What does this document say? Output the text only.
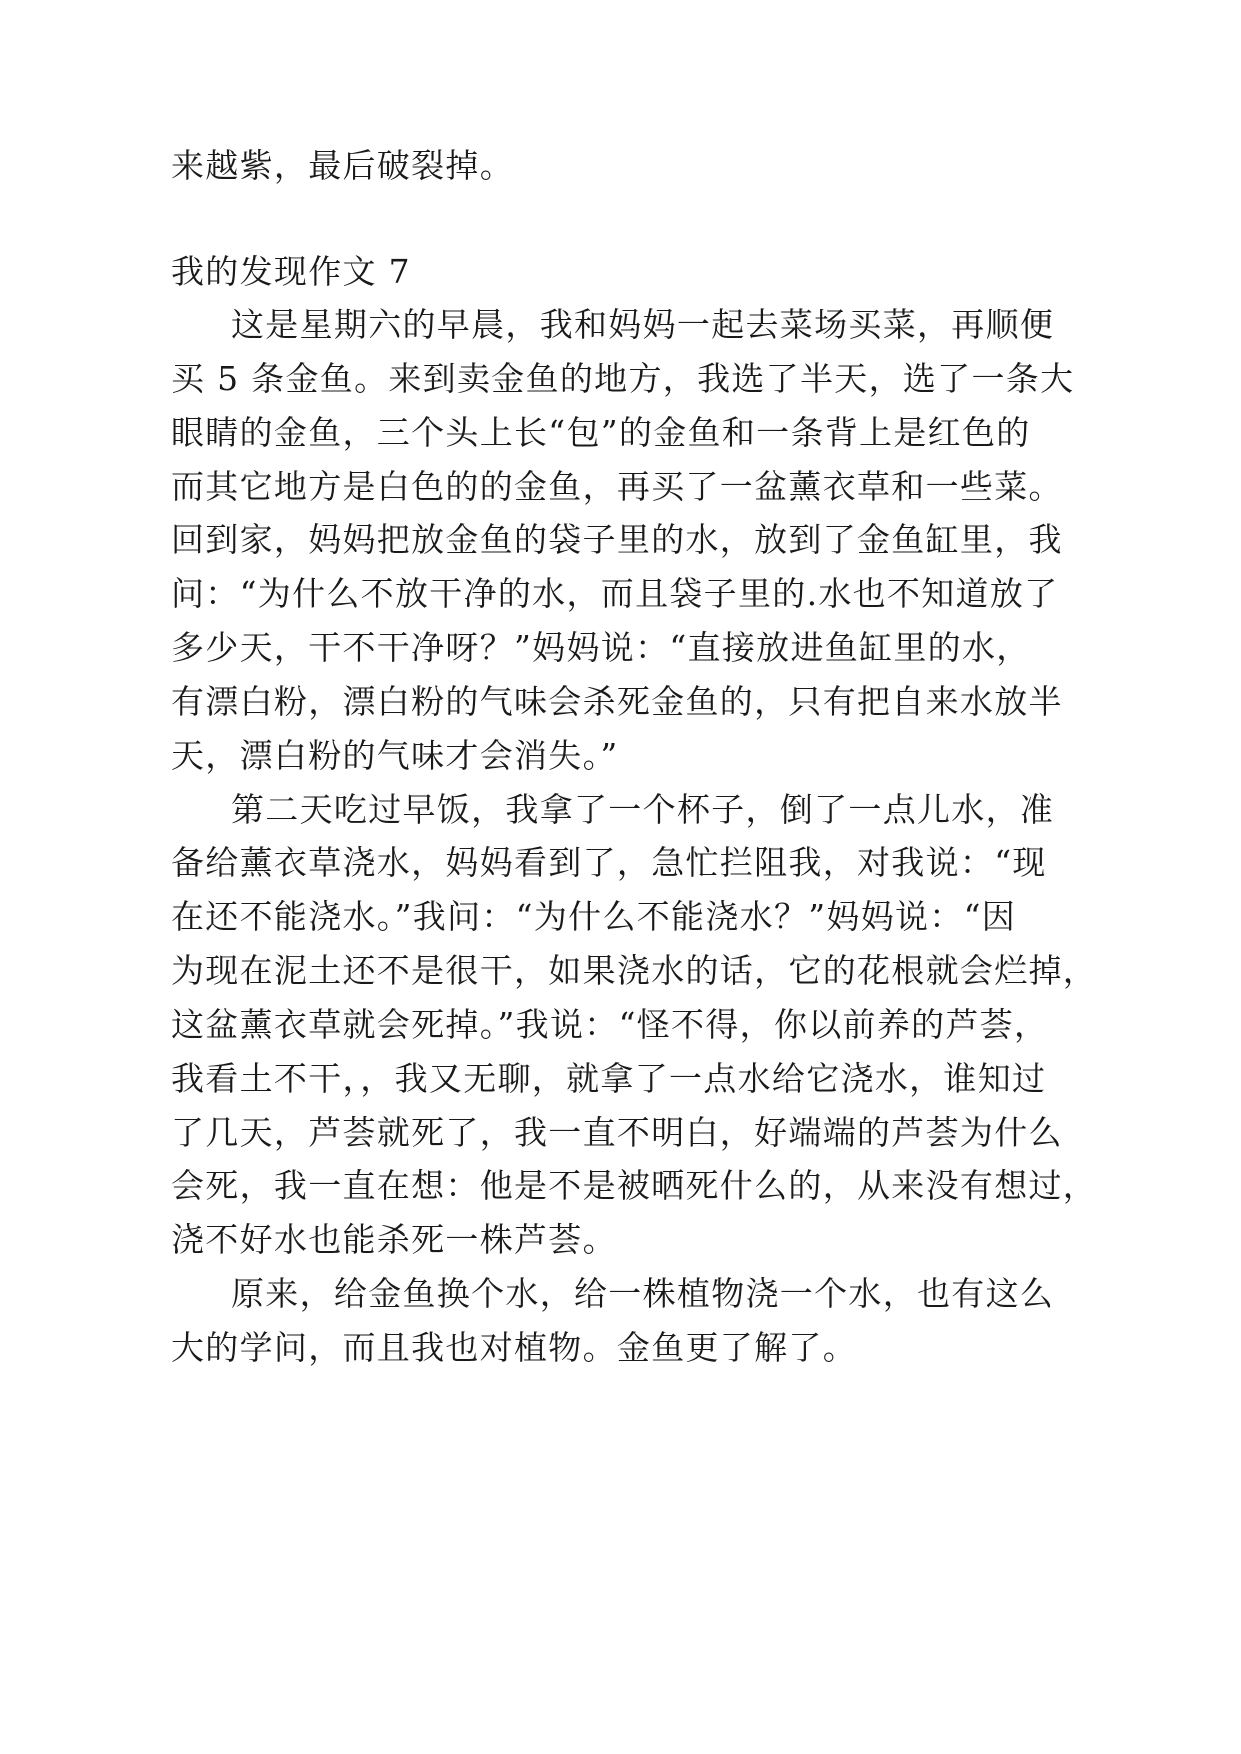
来越紫，最后破裂掉。
我的发现作文 7
这是星期六的早晨，我和妈妈一起去菜场买菜，再顺便
买 5 条金鱼。来到卖金鱼的地方，我选了半天，选了一条大
眼睛的金鱼，三个头上长“包”的金鱼和一条背上是红色的
而其它地方是白色的的金鱼，再买了一盆薰衣草和一些菜。
回到家，妈妈把放金鱼的袋子里的水，放到了金鱼缸里，我
问：“为什么不放干净的水，而且袋子里的.水也不知道放了
多少天，干不干净呀？”妈妈说：“直接放进鱼缸里的水，
有漂白粉，漂白粉的气味会杀死金鱼的，只有把自来水放半
天，漂白粉的气味才会消失。”
第二天吃过早饭，我拿了一个杯子，倒了一点儿水，准
备给薰衣草浇水，妈妈看到了，急忙拦阻我，对我说：“现
在还不能浇水。”我问：“为什么不能浇水？”妈妈说：“因
为现在泥土还不是很干，如果浇水的话，它的花根就会烂掉，
这盆薰衣草就会死掉。”我说：“怪不得，你以前养的芦荟，
我看土不干，，我又无聊，就拿了一点水给它浇水，谁知过
了几天，芦荟就死了，我一直不明白，好端端的芦荟为什么
会死，我一直在想：他是不是被晒死什么的，从来没有想过，
浇不好水也能杀死一株芦荟。
原来，给金鱼换个水，给一株植物浇一个水，也有这么
大的学问，而且我也对植物。金鱼更了解了。
